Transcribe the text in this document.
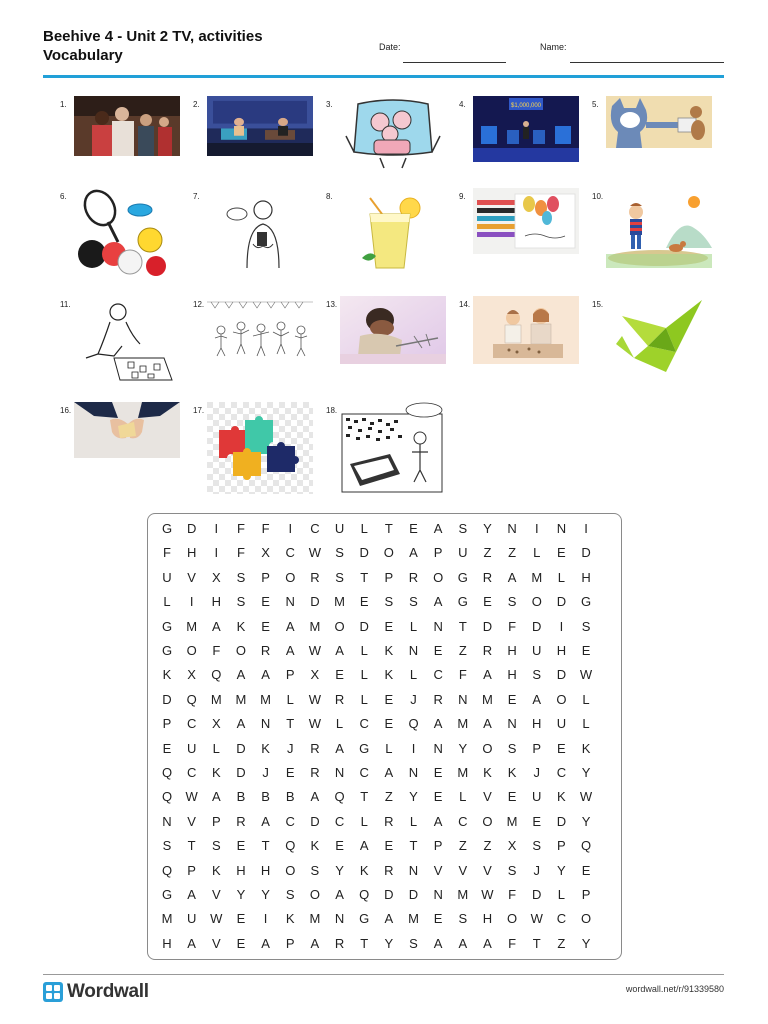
Beehive 4 - Unit 2 TV, activities
Vocabulary	Date:	Name:
1.	2.	3.	4.	$1,000,000	5.
6.	7.	8.	9.	10.
11.	12.	13.	14.	15.
16.	17.	18.
G	D	I	F	F	I	C	U	L	T	E	A	S	Y	N	I	N	I
F	H	I	F	X	C	W	S	D	O	A	P	U	Z	Z	L	E	D
U	V	X	S	P	O	R	S	T	P	R	O	G	R	A	M	L	H
L	I	H	S	E	N	D	M	E	S	S	A	G	E	S	O	D	G
G	M	A	K	E	A	M	O	D	E	L	N	T	D	F	D	I	S
G	O	F	O	R	A	W	A	L	K	N	E	Z	R	H	U	H	E
K	X	Q	A	A	P	X	E	L	K	L	C	F	A	H	S	D	W
D	Q	M	M	M	L	W	R	L	E	J	R	N	M	E	A	O	L
P	C	X	A	N	T	W	L	C	E	Q	A	M	A	N	H	U	L
E	U	L	D	K	J	R	A	G	L	I	N	Y	O	S	P	E	K
Q	C	K	D	J	E	R	N	C	A	N	E	M	K	K	J	C	Y
Q	W	A	B	B	B	A	Q	T	Z	Y	E	L	V	E	U	K	W
N	V	P	R	A	C	D	C	L	R	L	A	C	O	M	E	D	Y
S	T	S	E	T	Q	K	E	A	E	T	P	Z	Z	X	S	P	Q
Q	P	K	H	H	O	S	Y	K	R	N	V	V	V	S	J	Y	E
G	A	V	Y	Y	S	O	A	Q	D	D	N	M	W	F	D	L	P
M	U	W	E	I	K	M	N	G	A	M	E	S	H	O	W	C	O
H	A	V	E	A	P	A	R	T	Y	S	A	A	A	F	T	Z	Y
Wordwall	wordwall.net/r/91339580
